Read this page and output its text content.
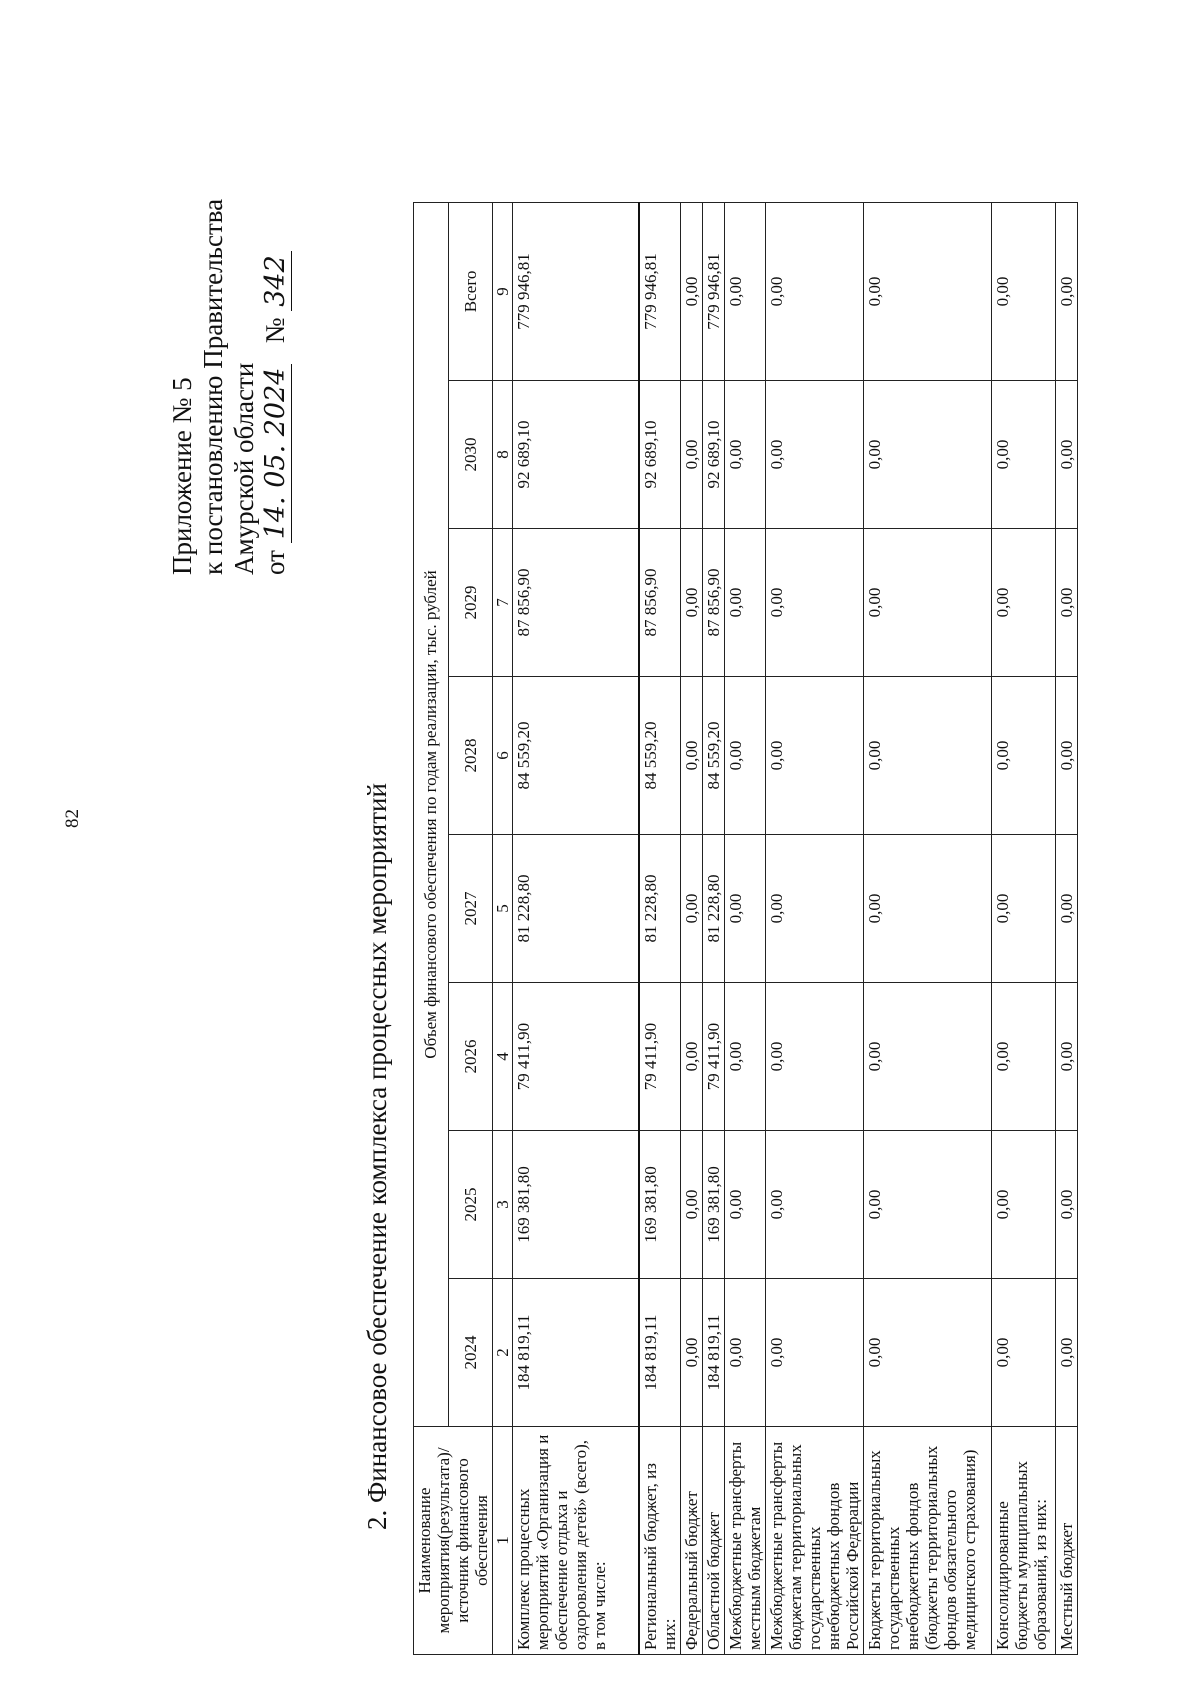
82
Приложение № 5 к постановлению Правительства Амурской области от 14. 05. 2024   № 342
2. Финансовое обеспечение комплекса процессных мероприятий
Наименование мероприятия(результата)/источник финансового обеспечения	Объем финансового обеспечения по годам реализации, тыс. рублей							
	2024	2025	2026	2027	2028	2029	2030	Всего
1	2	3	4	5	6	7	8	9
Комплекс процессных мероприятий «Организация и обеспечение отдыха и оздоровления детей» (всего), в том числе:	184 819,11	169 381,80	79 411,90	81 228,80	84 559,20	87 856,90	92 689,10	779 946,81
Региональный бюджет, из них:	184 819,11	169 381,80	79 411,90	81 228,80	84 559,20	87 856,90	92 689,10	779 946,81
Федеральный бюджет	0,00	0,00	0,00	0,00	0,00	0,00	0,00	0,00
Областной бюджет	184 819,11	169 381,80	79 411,90	81 228,80	84 559,20	87 856,90	92 689,10	779 946,81
Межбюджетные трансферты местным бюджетам	0,00	0,00	0,00	0,00	0,00	0,00	0,00	0,00
Межбюджетные трансферты бюджетам территориальных государственных внебюджетных фондов Российской Федерации	0,00	0,00	0,00	0,00	0,00	0,00	0,00	0,00
Бюджеты территориальных государственных внебюджетных фондов (бюджеты территориальных фондов обязательного медицинского страхования)	0,00	0,00	0,00	0,00	0,00	0,00	0,00	0,00
Консолидированные бюджеты муниципальных образований, из них:	0,00	0,00	0,00	0,00	0,00	0,00	0,00	0,00
Местный бюджет	0,00	0,00	0,00	0,00	0,00	0,00	0,00	0,00
